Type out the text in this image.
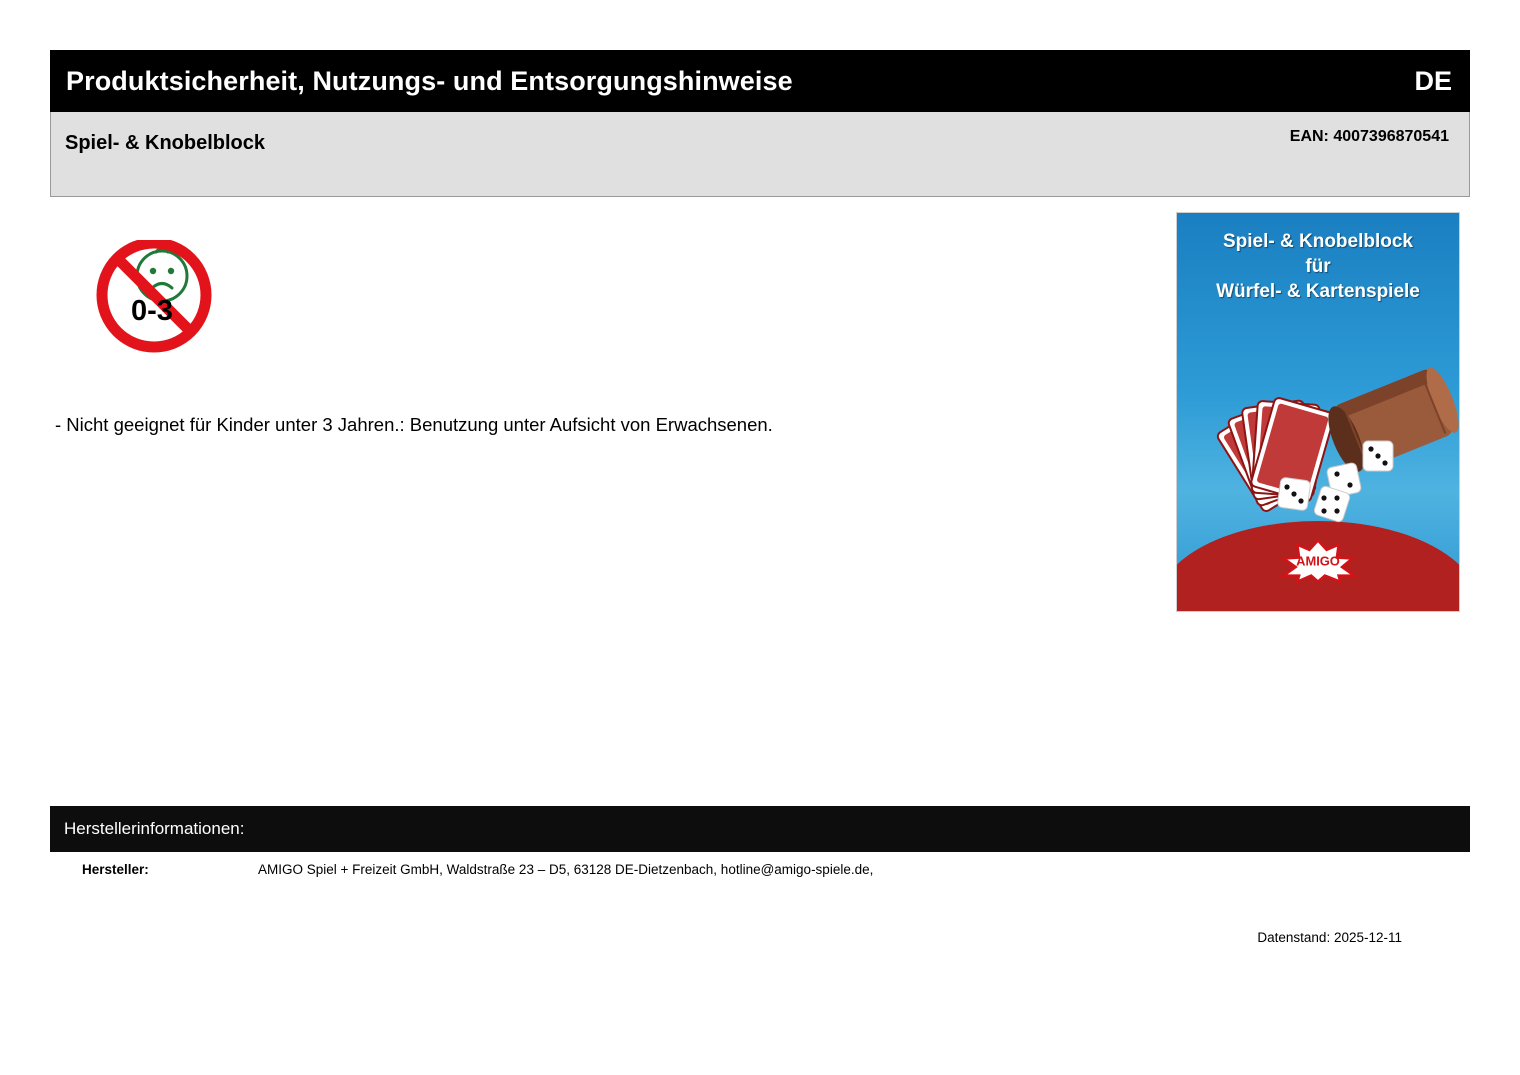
Produktsicherheit, Nutzungs- und Entsorgungshinweise	DE
Spiel- & Knobelblock	EAN: 4007396870541
0-3
- Nicht geeignet für Kinder unter 3 Jahren.: Benutzung unter Aufsicht von Erwachsenen.
Spiel- & Knobelblock
für
Würfel- & Kartenspiele
AMIGO
Herstellerinformationen:
Hersteller:	AMIGO Spiel + Freizeit GmbH, Waldstraße 23 – D5, 63128 DE-Dietzenbach, hotline@amigo-spiele.de,
Datenstand: 2025-12-11
